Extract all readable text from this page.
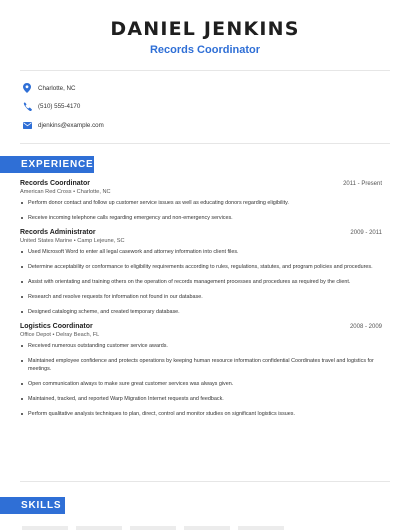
DANIEL JENKINS
Records Coordinator
Charlotte, NC
(510) 555-4170
djenkins@example.com
EXPERIENCE
Records Coordinator	2011 - Present
American Red Cross • Charlotte, NC
Perform donor contact and follow up customer service issues as well as educating donors regarding eligibility.
Receive incoming telephone calls regarding emergency and non-emergency services.
Records Administrator	2009 - 2011
United States Marine • Camp Lejeune, SC
Used Microsoft Word to enter all legal casework and attorney information into client files.
Determine acceptability or conformance to eligibility requirements according to rules, regulations, statutes, and program policies and procedures.
Assist with orientating and training others on the operation of records management processes and procedures as required by the client.
Research and resolve requests for information not found in our database.
Designed cataloging scheme, and created temporary database.
Logistics Coordinator	2008 - 2009
Office Depot • Delray Beach, FL
Received numerous outstanding customer service awards.
Maintained employee confidence and protects operations by keeping human resource information confidential Coordinates travel and logistics for meetings.
Open communication always to make sure great customer services was always given.
Maintained, tracked, and reported Warp Migration Internet requests and feedback.
Perform qualitative analysis techniques to plan, direct, control and monitor studies on significant logistics issues.
SKILLS
